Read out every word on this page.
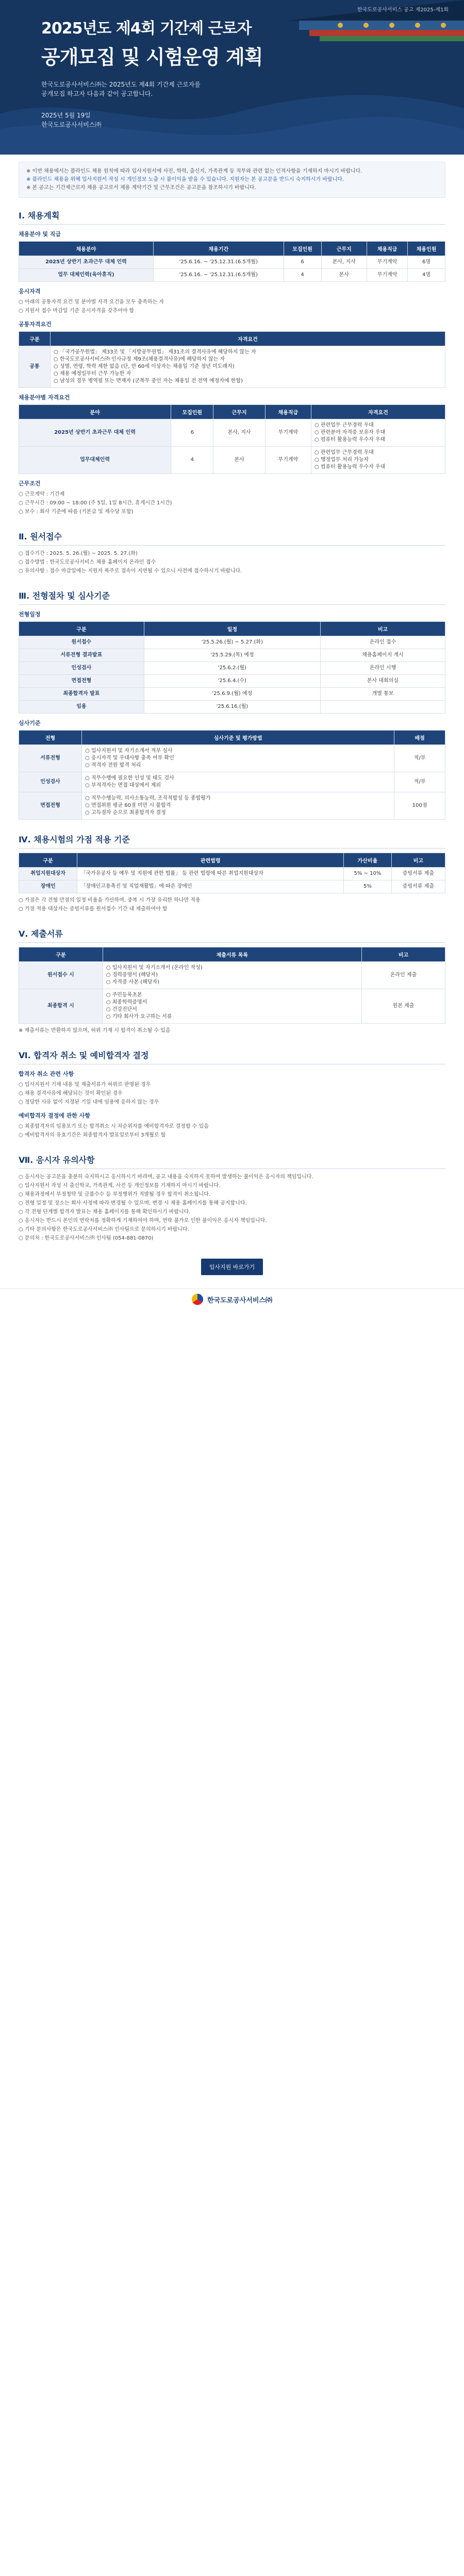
한국도로공사서비스 공고 제2025-제1회
2025년도 제4회 기간제 근로자
공개모집 및 시험운영 계획
한국도로공사서비스㈜는 2025년도 제4회 기간제 근로자를
공개모집 하고자 다음과 같이 공고합니다.
2025년 5월 19일
한국도로공사서비스㈜
※ 이번 채용에서는 블라인드 채용 원칙에 따라 입사지원서에 사진, 학력, 출신지, 가족관계 등 직무와 관련 없는 인적사항을 기재하지 마시기 바랍니다.
※ 블라인드 채용을 위해 입사지원서 작성 시 개인정보 노출 시 불이익을 받을 수 있습니다. 지원자는 본 공고문을 반드시 숙지하시기 바랍니다.
※ 본 공고는 기간제근로자 채용 공고로서 채용 계약기간 및 근무조건은 공고문을 참조하시기 바랍니다.
Ⅰ. 채용계획
채용분야 및 직급
채용분야	채용기간	모집인원	근무지	채용직급	채용인원
2025년 상반기 초과근무 대체 인력	'25.6.16. ~ '25.12.31.(6.5개월)	6	본사, 지사	무기계약	6명
업무 대체인력(육아휴직)	'25.6.16. ~ '25.12.31.(6.5개월)	4	본사	무기계약	4명
응시자격

○ 아래의 공통자격 요건 및 분야별 자격 요건을 모두 충족하는 자

○ 지원서 접수 마감일 기준 응시자격을 갖추어야 함

공통자격요건
구분	자격요건
공통	○ 「국가공무원법」 제33조 및 「지방공무원법」 제31조의 결격사유에 해당하지 않는 자
○ 한국도로공사서비스㈜ 인사규정 제9조(채용결격사유)에 해당하지 않는 자
○ 성별, 연령, 학력 제한 없음 (단, 만 60세 이상자는 채용일 기준 정년 미도래자)
○ 채용 예정일부터 근무 가능한 자
○ 남성의 경우 병역필 또는 면제자 (군복무 중인 자는 채용일 전 전역 예정자에 한함)
채용분야별 자격요건
분야	모집인원	근무지	채용직급	자격요건
2025년 상반기 초과근무 대체 인력	6	본사, 지사	무기계약	○ 관련업무 근무경력 우대
○ 관련분야 자격증 보유자 우대
○ 컴퓨터 활용능력 우수자 우대
업무대체인력	4	본사	무기계약	○ 관련업무 근무경력 우대
○ 행정업무 처리 가능자
○ 컴퓨터 활용능력 우수자 우대
근무조건

○ 근로계약 : 기간제

○ 근무시간 : 09:00 ~ 18:00 (주 5일, 1일 8시간, 휴게시간 1시간)

○ 보수 : 회사 기준에 따름 (기본급 및 제수당 포함)

Ⅱ. 원서접수

○ 접수기간 : 2025. 5. 26.(월) ~ 2025. 5. 27.(화)

○ 접수방법 : 한국도로공사서비스 채용 홈페이지 온라인 접수

○ 유의사항 : 접수 마감일에는 지원자 폭주로 접속이 지연될 수 있으니 사전에 접수하시기 바랍니다.

Ⅲ. 전형절차 및 심사기준
전형일정
구분	일정	비고
원서접수	'25.5.26.(월) ~ 5.27.(화)	온라인 접수
서류전형 결과발표	'25.5.29.(목) 예정	채용홈페이지 게시
인성검사	'25.6.2.(월)	온라인 시행
면접전형	'25.6.4.(수)	본사 대회의실
최종합격자 발표	'25.6.9.(월) 예정	개별 통보
임용	'25.6.16.(월)	
심사기준
전형	심사기준 및 평가방법	배점
서류전형	○ 입사지원서 및 자기소개서 적부 심사
○ 응시자격 및 우대사항 충족 여부 확인
○ 적격자 전원 합격 처리	적/부
인성검사	○ 직무수행에 필요한 인성 및 태도 검사
○ 부적격자는 면접 대상에서 제외	적/부
면접전형	○ 직무수행능력, 의사소통능력, 조직적합성 등 종합평가
○ 면접위원 평균 60점 미만 시 불합격
○ 고득점자 순으로 최종합격자 결정	100점
Ⅳ. 채용시험의 가점 적용 기준
구분	관련법령	가산비율	비고
취업지원대상자	「국가유공자 등 예우 및 지원에 관한 법률」 등 관련 법령에 따른 취업지원대상자	5% ~ 10%	증빙서류 제출
장애인	「장애인고용촉진 및 직업재활법」에 따른 장애인	5%	증빙서류 제출

○ 가점은 각 전형 만점의 일정 비율을 가산하며, 중복 시 가장 유리한 하나만 적용

○ 가점 적용 대상자는 증빙서류를 원서접수 기간 내 제출하여야 함

Ⅴ. 제출서류
구분	제출서류 목록	비고
원서접수 시	○ 입사지원서 및 자기소개서 (온라인 작성)
○ 경력증명서 (해당자)
○ 자격증 사본 (해당자)	온라인 제출
최종합격 시	○ 주민등록초본
○ 최종학력증명서
○ 건강진단서
○ 기타 회사가 요구하는 서류	원본 제출

※ 제출서류는 반환하지 않으며, 허위 기재 시 합격이 취소될 수 있음

Ⅵ. 합격자 취소 및 예비합격자 결정
합격자 취소 관련 사항

○ 입사지원서 기재 내용 및 제출서류가 허위로 판명된 경우

○ 채용 결격사유에 해당되는 것이 확인된 경우

○ 정당한 사유 없이 지정된 기일 내에 임용에 응하지 않는 경우

예비합격자 결정에 관한 사항

○ 최종합격자의 임용포기 또는 합격취소 시 차순위자를 예비합격자로 결정할 수 있음

○ 예비합격자의 유효기간은 최종합격자 발표일로부터 3개월로 함

Ⅶ. 응시자 유의사항

○ 응시자는 공고문을 충분히 숙지하시고 응시하시기 바라며, 공고 내용을 숙지하지 못하여 발생하는 불이익은 응시자의 책임입니다.

○ 입사지원서 작성 시 출신학교, 가족관계, 사진 등 개인정보를 기재하지 마시기 바랍니다.

○ 채용과정에서 부정청탁 및 금품수수 등 부정행위가 적발될 경우 합격이 취소됩니다.

○ 전형 일정 및 장소는 회사 사정에 따라 변경될 수 있으며, 변경 시 채용 홈페이지를 통해 공지합니다.

○ 각 전형 단계별 합격자 발표는 채용 홈페이지를 통해 확인하시기 바랍니다.

○ 응시자는 반드시 본인의 연락처를 정확하게 기재하여야 하며, 연락 불가로 인한 불이익은 응시자 책임입니다.

○ 기타 문의사항은 한국도로공사서비스㈜ 인사팀으로 문의하시기 바랍니다.

○ 문의처 : 한국도로공사서비스㈜ 인사팀 (054-881-0870)

입사지원 바로가기
한국도로공사서비스㈜
